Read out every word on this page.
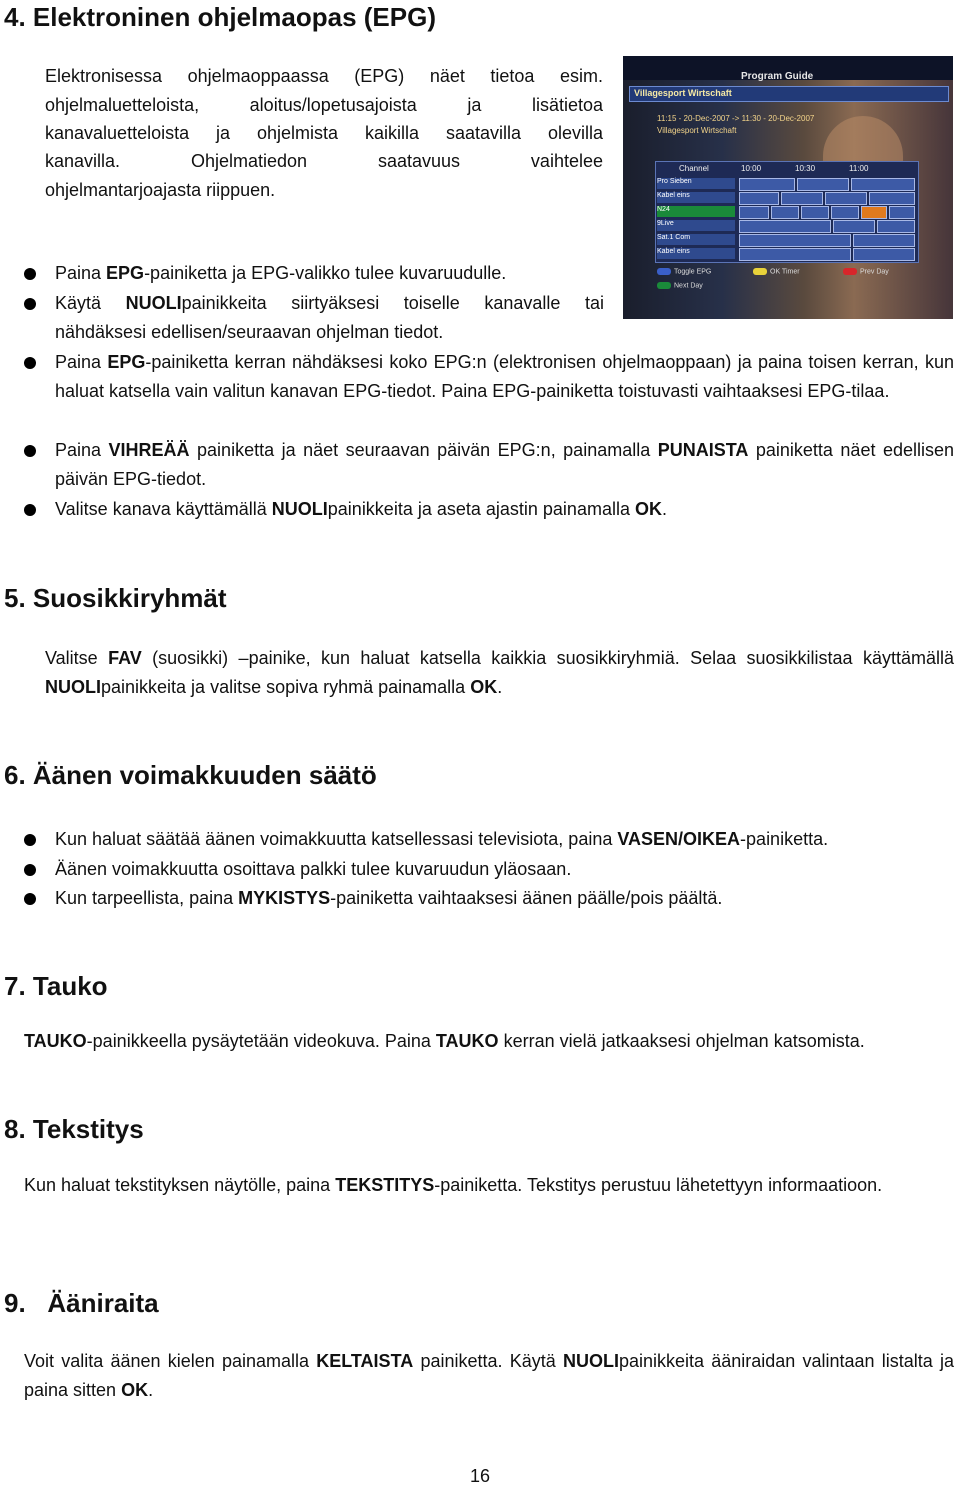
4. Elektroninen ohjelmaopas (EPG)

Elektronisessa ohjelmaoppaassa (EPG) näet tietoa esim.

ohjelmaluetteloista, aloitus/lopetusajoista ja lisätietoa

kanavaluetteloista ja ohjelmista kaikilla saatavilla olevilla

kanavilla. Ohjelmatiedon saatavuus vaihtelee

ohjelmantarjoajasta riippuen.

Program Guide
Villagesport Wirtschaft
11:15 - 20-Dec-2007 -> 11:30 - 20-Dec-2007
Villagesport Wirtschaft
Channel	10:00	10:30	11:00
Pro Sieben
Kabel eins
N24
9Live
Sat.1 Com
Kabel eins
Toggle EPG	OK Timer	Prev Day
Next Day
Paina EPG-painiketta ja EPG-valikko tulee kuvaruudulle.
Käytä NUOLIpainikkeita siirtyäksesi toiselle kanavalle tai
nähdäksesi edellisen/seuraavan ohjelman tiedot.
Paina EPG-painiketta kerran nähdäksesi koko EPG:n (elektronisen ohjelmaoppaan) ja paina toisen kerran, kun haluat katsella vain valitun kanavan EPG-tiedot. Paina EPG-painiketta toistuvasti vaihtaaksesi EPG-tilaa.
Paina VIHREÄÄ painiketta ja näet seuraavan päivän EPG:n, painamalla PUNAISTA painiketta näet edellisen päivän EPG-tiedot.
Valitse kanava käyttämällä NUOLIpainikkeita ja aseta ajastin painamalla OK.
5. Suosikkiryhmät

Valitse FAV (suosikki) –painike, kun haluat katsella kaikkia suosikkiryhmiä. Selaa suosikkilistaa käyttämällä NUOLIpainikkeita ja valitse sopiva ryhmä painamalla OK.

6. Äänen voimakkuuden säätö
Kun haluat säätää äänen voimakkuutta katsellessasi televisiota, paina VASEN/OIKEA-painiketta.
Äänen voimakkuutta osoittava palkki tulee kuvaruudun yläosaan.
Kun tarpeellista, paina MYKISTYS-painiketta vaihtaaksesi äänen päälle/pois päältä.
7. Tauko

TAUKO-painikkeella pysäytetään videokuva. Paina TAUKO kerran vielä jatkaaksesi ohjelman katsomista.

8. Tekstitys

Kun haluat tekstityksen näytölle, paina TEKSTITYS-painiketta. Tekstitys perustuu lähetettyyn informaatioon.

9.   Ääniraita

Voit valita äänen kielen painamalla KELTAISTA painiketta. Käytä NUOLIpainikkeita ääniraidan valintaan listalta ja paina sitten OK.

16
